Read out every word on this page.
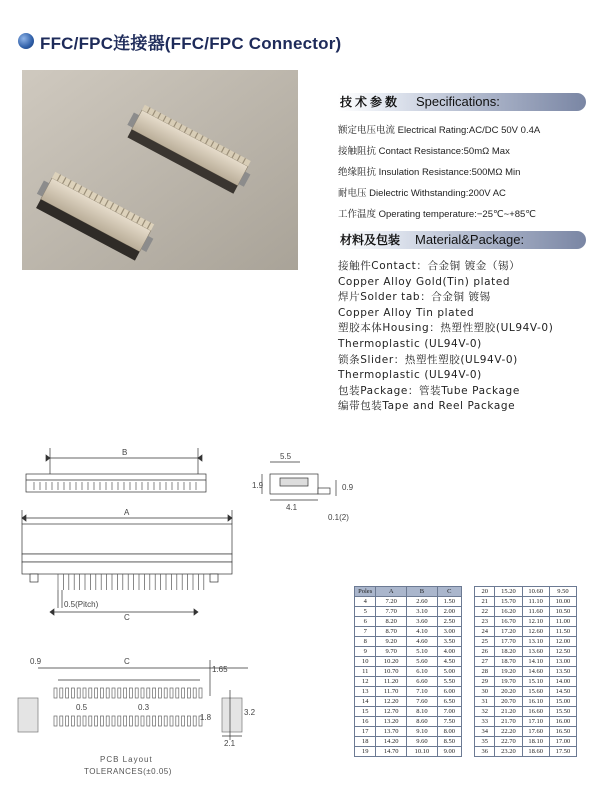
FFC/FPC连接器(FFC/FPC Connector)
技术参数 Specifications:
额定电压电流 Electrical Rating:AC/DC 50V 0.4A
接触阻抗 Contact Resistance:50mΩ Max
绝缘阻抗 Insulation Resistance:500MΩ Min
耐电压 Dielectric Withstanding:200V AC
工作温度 Operating temperature:−25℃~+85℃
材料及包装 Material&Package:
接触件Contact：合金铜 镀金（锡）
Copper Alloy Gold(Tin) plated
焊片Solder tab：合金铜 镀锡
Copper Alloy Tin plated
塑胶本体Housing：热塑性塑胶(UL94V-0)
Thermoplastic (UL94V-0)
锁条Slider：热塑性塑胶(UL94V-0)
Thermoplastic (UL94V-0)
包装Package：管装Tube Package
编带包装Tape and Reel Package
B
A
C
0.5(Pitch)
5.5
4.1
1.9	0.9
0.1(2)
0.9	C
1.65
0.5	0.3
1.8
3.2
2.1
PCB Layout
TOLERANCES(±0.05)
Poles	A	B	C
4	7.20	2.60	1.50
5	7.70	3.10	2.00
6	8.20	3.60	2.50
7	8.70	4.10	3.00
8	9.20	4.60	3.50
9	9.70	5.10	4.00
10	10.20	5.60	4.50
11	10.70	6.10	5.00
12	11.20	6.60	5.50
13	11.70	7.10	6.00
14	12.20	7.60	6.50
15	12.70	8.10	7.00
16	13.20	8.60	7.50
17	13.70	9.10	8.00
18	14.20	9.60	8.50
19	14.70	10.10	9.00
20	15.20	10.60	9.50
21	15.70	11.10	10.00
22	16.20	11.60	10.50
23	16.70	12.10	11.00
24	17.20	12.60	11.50
25	17.70	13.10	12.00
26	18.20	13.60	12.50
27	18.70	14.10	13.00
28	19.20	14.60	13.50
29	19.70	15.10	14.00
30	20.20	15.60	14.50
31	20.70	16.10	15.00
32	21.20	16.60	15.50
33	21.70	17.10	16.00
34	22.20	17.60	16.50
35	22.70	18.10	17.00
36	23.20	18.60	17.50
